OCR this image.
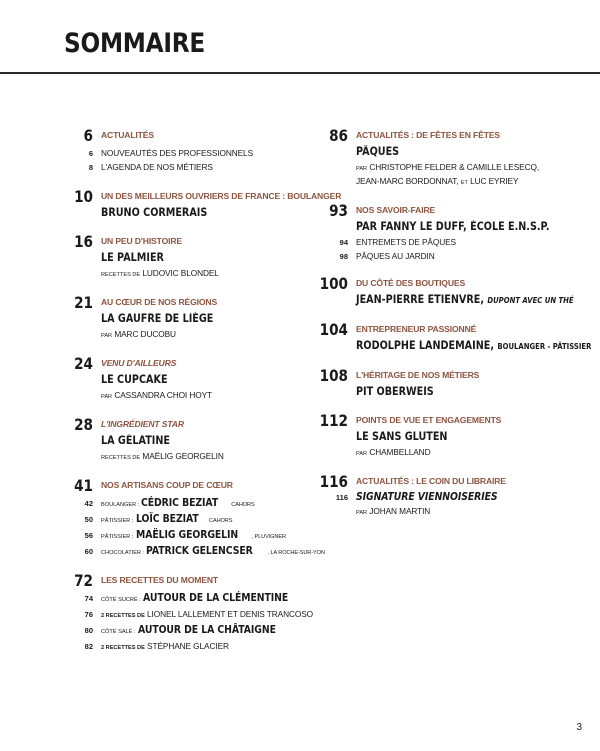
SOMMAIRE
6 ACTUALITÉS
6 NOUVEAUTÉS DES PROFESSIONNELS
8 L'AGENDA DE NOS MÉTIERS
10 UN DES MEILLEURS OUVRIERS DE FRANCE : BOULANGER
BRUNO CORMERAIS
16 UN PEU D'HISTOIRE
LE PALMIER
RECETTES DE LUDOVIC BLONDEL
21 AU CŒUR DE NOS RÉGIONS
LA GAUFRE DE LIÈGE
PAR MARC DUCOBU
24 VENU D'AILLEURS
LE CUPCAKE
PAR CASSANDRA CHOI HOYT
28 L'INGRÉDIENT STAR
LA GÉLATINE
RECETTES DE MAËLIG GEORGELIN
41 NOS ARTISANS COUP DE CŒUR
42	BOULANGER : CÉDRIC BEZIAT CAHORS
50	PÂTISSIER : LOÏC BEZIAT CAHORS
56	PÂTISSIER : MAËLIG GEORGELIN , PLUVIGNER
60	CHOCOLATIER : PATRICK GELENCSER	, LA ROCHE-SUR-YON
72 LES RECETTES DU MOMENT
74	CÔTÉ SUCRÉ : AUTOUR DE LA CLÉMENTINE
76	2 RECETTES DE LIONEL LALLEMENT ET DENIS TRANCOSO
80	CÔTÉ SALÉ : AUTOUR DE LA CHÂTAIGNE
82	2 RECETTES DE STÉPHANE GLACIER
86 ACTUALITÉS : DE FÊTES EN FÊTES
PÂQUES
PAR CHRISTOPHE FELDER & CAMILLE LESECQ,
JEAN-MARC BORDONNAT, ET LUC EYRIEY
93 NOS SAVOIR-FAIRE
PAR FANNY LE DUFF, ÉCOLE E.N.S.P.
94 ENTREMETS DE PÂQUES
98 PÂQUES AU JARDIN
100 DU CÔTÉ DES BOUTIQUES
JEAN-PIERRE ETIENVRE, DUPONT AVEC UN THÉ
104 ENTREPRENEUR PASSIONNÉ
RODOLPHE LANDEMAINE, BOULANGER - PÂTISSIER
108 L'HÉRITAGE DE NOS MÉTIERS
PIT OBERWEIS
112 POINTS DE VUE ET ENGAGEMENTS
LE SANS GLUTEN
PAR CHAMBELLAND
116 ACTUALITÉS : LE COIN DU LIBRAIRE
116 SIGNATURE VIENNOISERIES
PAR JOHAN MARTIN
3
